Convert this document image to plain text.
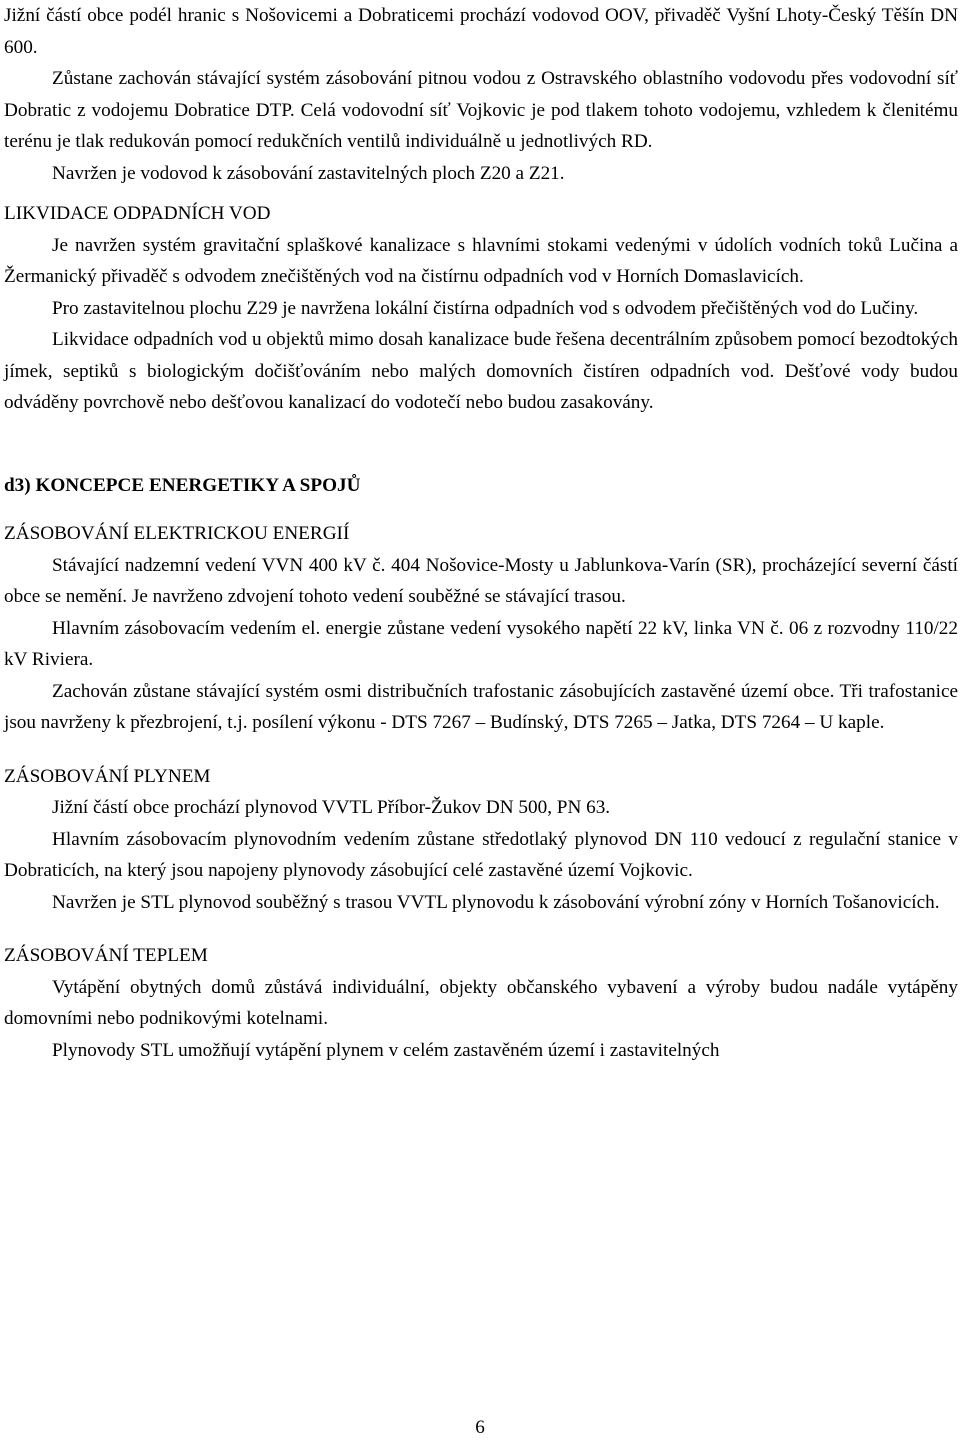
Jižní částí obce podél hranic s Nošovicemi a Dobraticemi prochází vodovod OOV, přivaděč Vyšní Lhoty-Český Těšín DN 600.

Zůstane zachován stávající systém zásobování pitnou vodou z Ostravského oblastního vodovodu přes vodovodní síť Dobratic z vodojemu Dobratice DTP. Celá vodovodní síť Vojkovic je pod tlakem tohoto vodojemu, vzhledem k členitému terénu je tlak redukován pomocí redukčních ventilů individuálně u jednotlivých RD.

Navržen je vodovod k zásobování zastavitelných ploch Z20 a Z21.

LIKVIDACE ODPADNÍCH VOD

Je navržen systém gravitační splaškové kanalizace s hlavními stokami vedenými v údolích vodních toků Lučina a Žermanický přivaděč s odvodem znečištěných vod na čistírnu odpadních vod v Horních Domaslavicích.

Pro zastavitelnou plochu Z29 je navržena lokální čistírna odpadních vod s odvodem přečištěných vod do Lučiny.

Likvidace odpadních vod u objektů mimo dosah kanalizace bude řešena decentrálním způsobem pomocí bezodtokých jímek, septiků s biologickým dočišťováním nebo malých domovních čistíren odpadních vod. Dešťové vody budou odváděny povrchově nebo dešťovou kanalizací do vodotečí nebo budou zasakovány.

d3) KONCEPCE ENERGETIKY A SPOJŮ

ZÁSOBOVÁNÍ ELEKTRICKOU ENERGIÍ

Stávající nadzemní vedení VVN 400 kV č. 404 Nošovice-Mosty u Jablunkova-Varín (SR), procházející severní částí obce se nemění. Je navrženo zdvojení tohoto vedení souběžné se stávající trasou.

Hlavním zásobovacím vedením el. energie zůstane vedení vysokého napětí 22 kV, linka VN č. 06 z rozvodny 110/22 kV Riviera.

Zachován zůstane stávající systém osmi distribučních trafostanic zásobujících zastavěné území obce. Tři trafostanice jsou navrženy k přezbrojení, t.j. posílení výkonu - DTS 7267 – Budínský, DTS 7265 – Jatka, DTS 7264 – U kaple.

ZÁSOBOVÁNÍ PLYNEM

Jižní částí obce prochází plynovod VVTL Příbor-Žukov DN 500, PN 63.

Hlavním zásobovacím plynovodním vedením zůstane středotlaký plynovod DN 110 vedoucí z regulační stanice v Dobraticích, na který jsou napojeny plynovody zásobující celé zastavěné území Vojkovic.

Navržen je STL plynovod souběžný s trasou VVTL plynovodu k zásobování výrobní zóny v Horních Tošanovicích.

ZÁSOBOVÁNÍ TEPLEM

Vytápění obytných domů zůstává individuální, objekty občanského vybavení a výroby budou nadále vytápěny domovními nebo podnikovými kotelnami.

Plynovody STL umožňují vytápění plynem v celém zastavěném území i zastavitelných

6
